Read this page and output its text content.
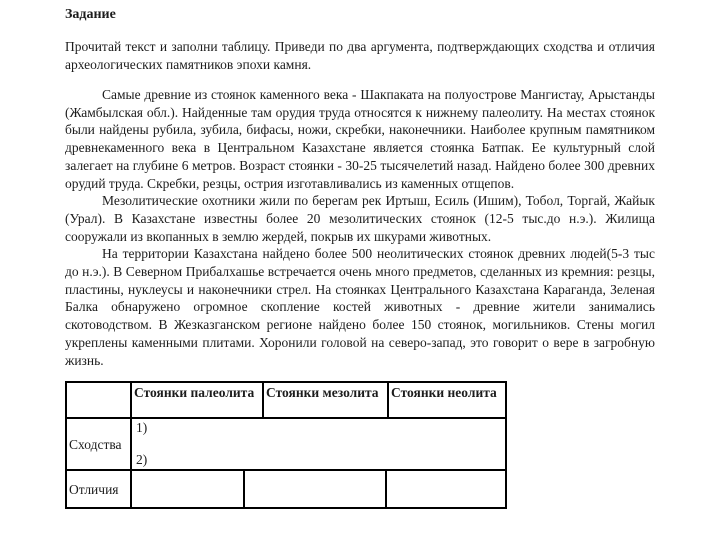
Задание

Прочитай текст и заполни таблицу. Приведи по два аргумента, подтверждающих сходства и отличия археологических памятников эпохи камня.

Самые древние из стоянок каменного века - Шакпаката на полуострове Мангистау, Арыстанды (Жамбылская обл.). Найденные там орудия труда относятся к нижнему палеолиту. На местах стоянок были найдены рубила, зубила, бифасы, ножи, скребки, наконечники. Наиболее крупным памятником древнекаменного века в Центральном Казахстане является стоянка Батпак. Ее культурный слой залегает на глубине 6 метров. Возраст стоянки - 30-25 тысячелетий назад. Найдено более 300 древних орудий труда. Скребки, резцы, острия изготавливались из каменных отщепов.

Мезолитические охотники жили по берегам рек Иртыш, Есиль (Ишим), Тобол, Торгай, Жайык (Урал). В Казахстане известны более 20 мезолитических стоянок (12-5 тыс.до н.э.). Жилища сооружали из вкопанных в землю жердей, покрыв их шкурами животных.

На территории Казахстана найдено более 500 неолитических стоянок древних людей(5-3 тыс до н.э.). В Северном Прибалхашье встречается очень много предметов, сделанных из кремния: резцы, пластины, нуклеусы и наконечники стрел. На стоянках Центрального Казахстана Караганда, Зеленая Балка обнаружено огромное скопление костей животных - древние жители занимались скотоводством. В Жезказганском регионе найдено более 150 стоянок, могильников. Стены могил укреплены каменными плитами. Хоронили головой на северо-запад, это говорит о вере в загробную жизнь.

Стоянки палеолита Стоянки мезолита Стоянки неолита
Сходства
1)
2)
Отличия
